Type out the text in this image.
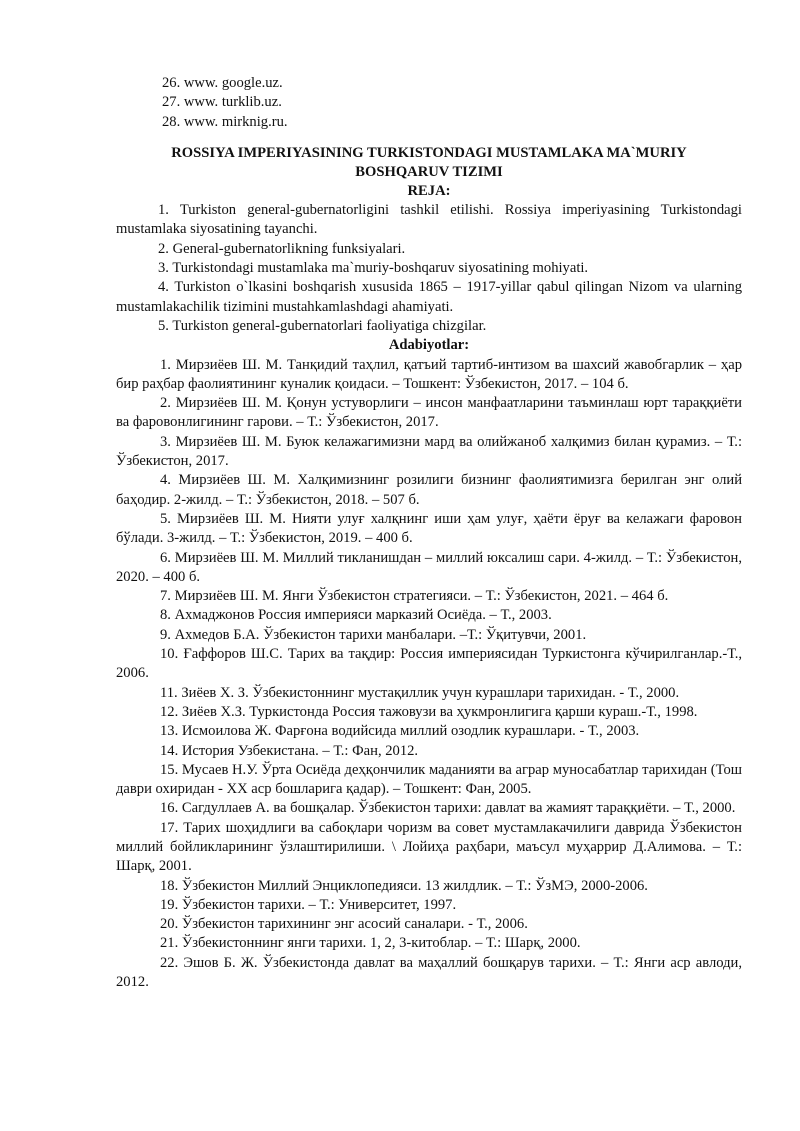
26. www. google.uz.
27. www. turklib.uz.
28. www. mirknig.ru.
ROSSIYA IMPERIYASINING TURKISTONDAGI MUSTAMLAKA MA`MURIY BOSHQARUV TIZIMI
REJA:
1. Turkiston general-gubernatorligini tashkil etilishi. Rossiya imperiyasining Turkistondagi mustamlaka siyosatining tayanchi.
2. General-gubernatorlikning funksiyalari.
3. Turkistondagi mustamlaka ma`muriy-boshqaruv siyosatining mohiyati.
4. Turkiston o`lkasini boshqarish xususida 1865 – 1917-yillar qabul qilingan Nizom va ularning mustamlakachilik tizimini mustahkamlashdagi ahamiyati.
5. Turkiston general-gubernatorlari faoliyatiga chizgilar.
Adabiyotlar:
1. Мирзиёев Ш. М. Танқидий таҳлил, қатъий тартиб-интизом ва шахсий жавобгарлик – ҳар бир раҳбар фаолиятининг куналик қоидаси. – Тошкент: Ўзбекистон, 2017. – 104 б.
2. Мирзиёев Ш. М. Қонун устуворлиги – инсон манфаатларини таъминлаш юрт тараққиёти ва фаровонлигининг гарови. – Т.: Ўзбекистон, 2017.
3. Мирзиёев Ш. М. Буюк келажагимизни мард ва олийжаноб халқимиз билан қурамиз. – Т.: Ўзбекистон, 2017.
4. Мирзиёев Ш. М. Халқимизнинг розилиги бизнинг фаолиятимизга берилган энг олий баҳодир. 2-жилд. – Т.: Ўзбекистон, 2018. – 507 б.
5. Мирзиёев Ш. М. Нияти улуғ халқнинг иши ҳам улуғ, ҳаёти ёруғ ва келажаги фаровон бўлади. 3-жилд. – Т.: Ўзбекистон, 2019. – 400 б.
6. Мирзиёев Ш. М. Миллий тикланишдан – миллий юксалиш сари. 4-жилд. – Т.: Ўзбекистон, 2020. – 400 б.
7. Мирзиёев Ш. М. Янги Ўзбекистон стратегияси. – Т.: Ўзбекистон, 2021. – 464 б.
8. Ахмаджонов Россия империяси марказий Осиёда. – Т., 2003.
9. Ахмедов Б.А. Ўзбекистон тарихи манбалари. –Т.: Ўқитувчи, 2001.
10. Ғаффоров Ш.С. Тарих ва тақдир: Россия империясидан Туркистонга кўчирилганлар.-Т., 2006.
11. Зиёев Х. З. Ўзбекистоннинг мустақиллик учун курашлари тарихидан. - Т., 2000.
12. Зиёев Х.З. Туркистонда Россия тажовузи ва ҳукмронлигига қарши кураш.-Т., 1998.
13. Исмоилова Ж. Фарғона водийсида миллий озодлик курашлари. - Т., 2003.
14. История Узбекистана. – Т.: Фан, 2012.
15. Мусаев Н.У. Ўрта Осиёда деҳқончилик маданияти ва аграр муносабатлар тарихидан (Тош даври охиридан - XX аср бошларига қадар). – Тошкент: Фан, 2005.
16. Сагдуллаев А. ва бошқалар. Ўзбекистон тарихи: давлат ва жамият тараққиёти. – Т., 2000.
17. Тарих шоҳидлиги ва сабоқлари чоризм ва совет мустамлакачилиги даврида Ўзбекистон миллий бойликларининг ўзлаштирилиши. \ Лойиҳа раҳбари, маъсул муҳаррир Д.Алимова. – Т.: Шарқ, 2001.
18. Ўзбекистон Миллий Энциклопедияси. 13 жилдлик. – Т.: ЎзМЭ, 2000-2006.
19. Ўзбекистон тарихи. – Т.: Университет, 1997.
20. Ўзбекистон тарихининг энг асосий саналари. - Т., 2006.
21. Ўзбекистоннинг янги тарихи. 1, 2, 3-китоблар. – Т.: Шарқ, 2000.
22. Эшов Б. Ж. Ўзбекистонда давлат ва маҳаллий бошқарув тарихи. – Т.: Янги аср авлоди, 2012.
